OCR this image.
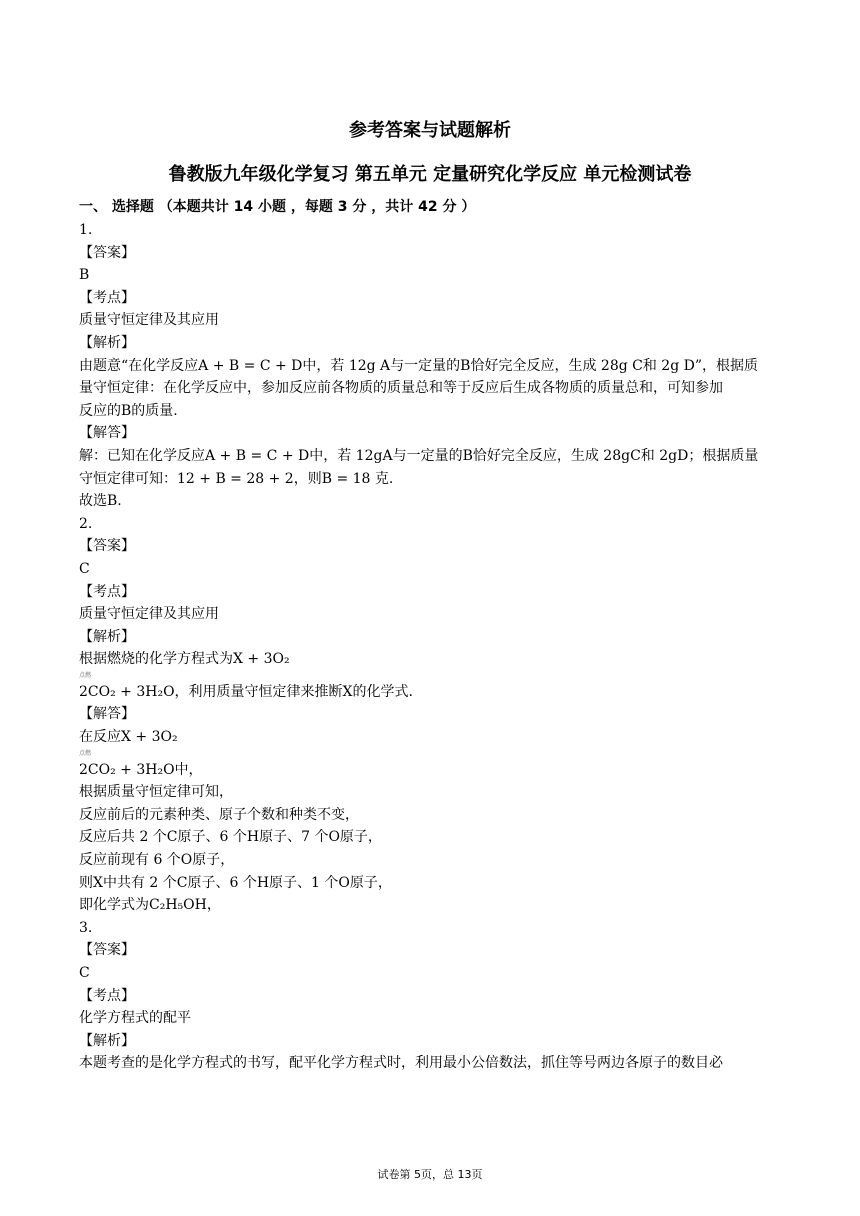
参考答案与试题解析
鲁教版九年级化学复习 第五单元 定量研究化学反应 单元检测试卷
一、 选择题 （本题共计 14 小题 ，每题 3 分 ，共计 42 分 ）
1.
【答案】
B
【考点】
质量守恒定律及其应用
【解析】
由题意“在化学反应A + B = C + D中，若 12g A与一定量的B恰好完全反应，生成 28g C和 2g D”，根据质
量守恒定律：在化学反应中，参加反应前各物质的质量总和等于反应后生成各物质的质量总和，可知参加
反应的B的质量.
【解答】
解：已知在化学反应A + B = C + D中，若 12gA与一定量的B恰好完全反应，生成 28gC和 2gD；根据质量
守恒定律可知：12 + B = 28 + 2，则B = 18 克.
故选B.
2.
【答案】
C
【考点】
质量守恒定律及其应用
【解析】
根据燃烧的化学方程式为X + 3O₂
点燃
2CO₂ + 3H₂O，利用质量守恒定律来推断X的化学式.
【解答】
在反应X + 3O₂
点燃
2CO₂ + 3H₂O中，
根据质量守恒定律可知，
反应前后的元素种类、原子个数和种类不变，
反应后共 2 个C原子、6 个H原子、7 个O原子，
反应前现有 6 个O原子，
则X中共有 2 个C原子、6 个H原子、1 个O原子，
即化学式为C₂H₅OH，
3.
【答案】
C
【考点】
化学方程式的配平
【解析】
本题考查的是化学方程式的书写，配平化学方程式时，利用最小公倍数法，抓住等号两边各原子的数目必
试卷第 5页，总 13页
